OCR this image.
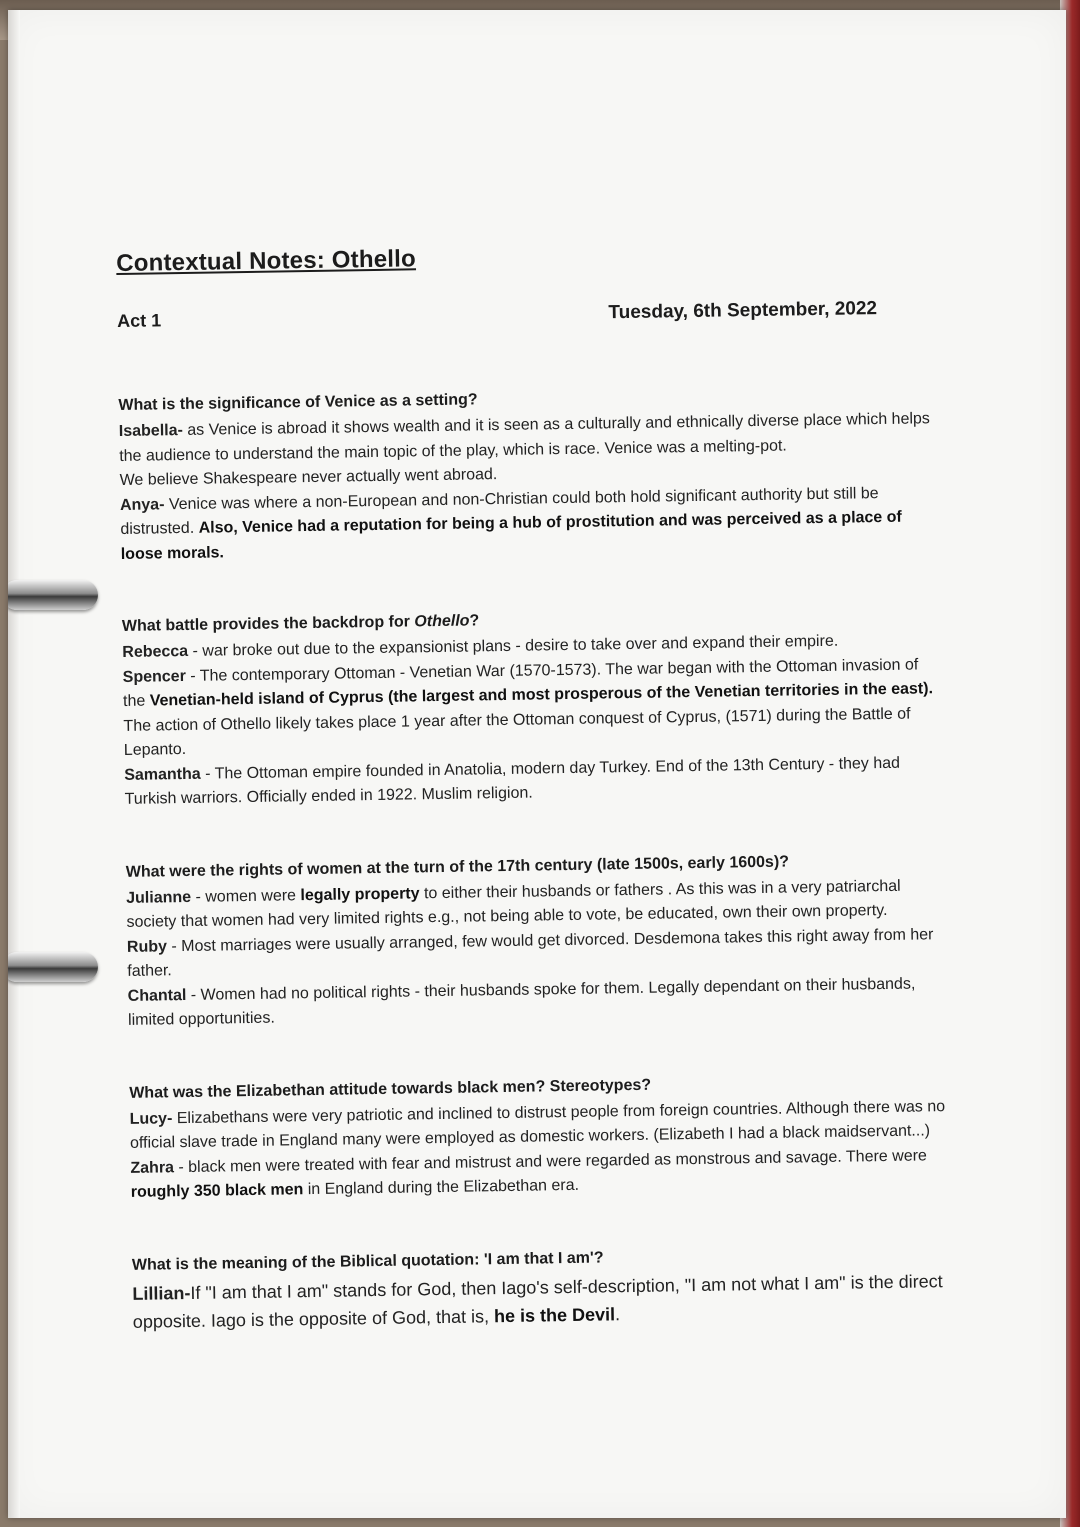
Contextual Notes: Othello
Act 1	Tuesday, 6th September, 2022

What is the significance of Venice as a setting?

Isabella- as Venice is abroad it shows wealth and it is seen as a culturally and ethnically diverse place which helps the audience to understand the main topic of the play, which is race. Venice was a melting-pot.

We believe Shakespeare never actually went abroad.

Anya- Venice was where a non-European and non-Christian could both hold significant authority but still be distrusted. Also, Venice had a reputation for being a hub of prostitution and was perceived as a place of loose morals.

What battle provides the backdrop for Othello?

Rebecca - war broke out due to the expansionist plans - desire to take over and expand their empire.

Spencer - The contemporary Ottoman - Venetian War (1570-1573). The war began with the Ottoman invasion of the Venetian-held island of Cyprus (the largest and most prosperous of the Venetian territories in the east). The action of Othello likely takes place 1 year after the Ottoman conquest of Cyprus, (1571) during the Battle of Lepanto.

Samantha - The Ottoman empire founded in Anatolia, modern day Turkey. End of the 13th Century - they had Turkish warriors. Officially ended in 1922. Muslim religion.

What were the rights of women at the turn of the 17th century (late 1500s, early 1600s)?

Julianne - women were legally property to either their husbands or fathers . As this was in a very patriarchal society that women had very limited rights e.g., not being able to vote, be educated, own their own property.

Ruby - Most marriages were usually arranged, few would get divorced. Desdemona takes this right away from her father.

Chantal - Women had no political rights - their husbands spoke for them. Legally dependant on their husbands, limited opportunities.

What was the Elizabethan attitude towards black men? Stereotypes?

Lucy- Elizabethans were very patriotic and inclined to distrust people from foreign countries. Although there was no official slave trade in England many were employed as domestic workers. (Elizabeth I had a black maidservant...)

Zahra - black men were treated with fear and mistrust and were regarded as monstrous and savage. There were roughly 350 black men in England during the Elizabethan era.

What is the meaning of the Biblical quotation: 'I am that I am'?

Lillian-If "I am that I am" stands for God, then Iago's self-description, "I am not what I am" is the direct opposite. Iago is the opposite of God, that is, he is the Devil.
